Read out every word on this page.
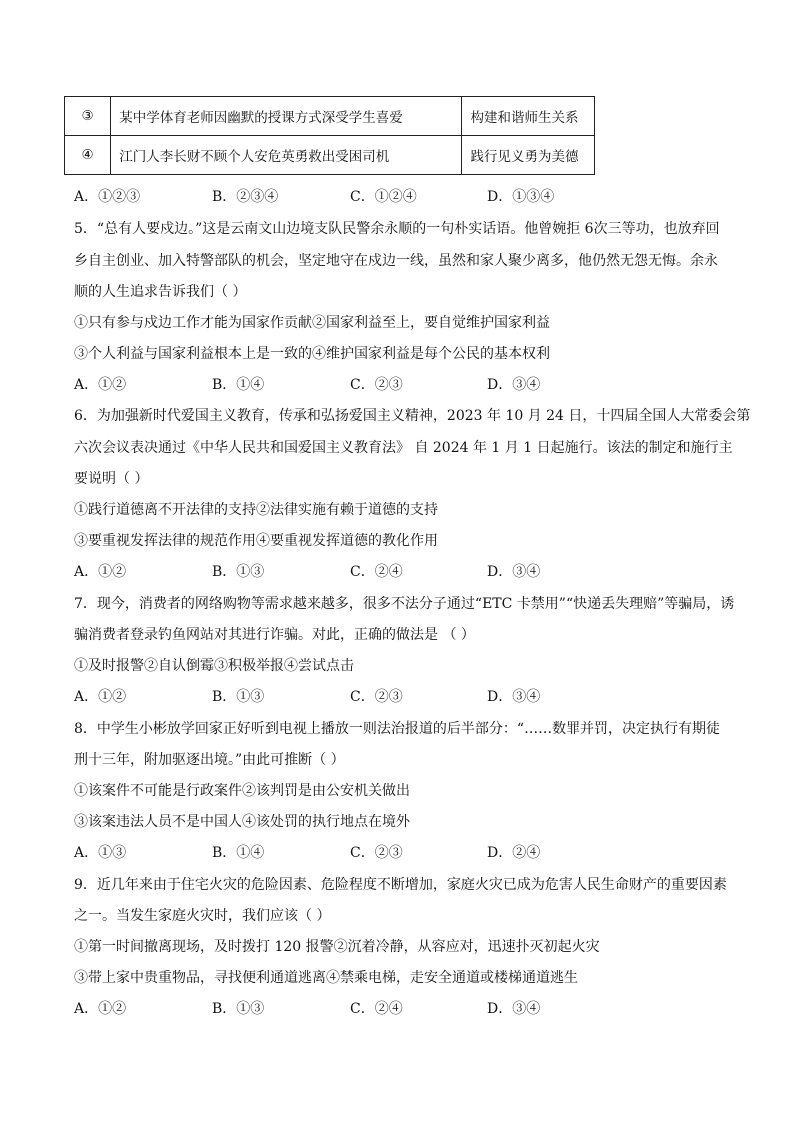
③	某中学体育老师因幽默的授课方式深受学生喜爱	构建和谐师生关系
④	江门人李长财不顾个人安危英勇救出受困司机	践行见义勇为美德
A．①②③	B．②③④	C．①②④	D．①③④
5．“总有人要戍边。”这是云南文山边境支队民警余永顺的一句朴实话语。他曾婉拒 6次三等功，也放弃回
乡自主创业、加入特警部队的机会，坚定地守在戍边一线，虽然和家人聚少离多，他仍然无怨无悔。余永
顺的人生追求告诉我们（ ）
①只有参与戍边工作才能为国家作贡献②国家利益至上，要自觉维护国家利益
③个人利益与国家利益根本上是一致的④维护国家利益是每个公民的基本权利
A．①②	B．①④	C．②③	D．③④
6．为加强新时代爱国主义教育，传承和弘扬爱国主义精神，2023 年 10 月 24 日，十四届全国人大常委会第
六次会议表决通过《中华人民共和国爱国主义教育法》 自 2024 年 1 月 1 日起施行。该法的制定和施行主
要说明（ ）
①践行道德离不开法律的支持②法律实施有赖于道德的支持
③要重视发挥法律的规范作用④要重视发挥道德的教化作用
A．①②	B．①③	C．②④	D．③④
7．现今，消费者的网络购物等需求越来越多，很多不法分子通过“ETC 卡禁用”“快递丢失理赔”等骗局，诱
骗消费者登录钓鱼网站对其进行诈骗。对此，正确的做法是 （ ）
①及时报警②自认倒霉③积极举报④尝试点击
A．①②	B．①③	C．②③	D．③④
8．中学生小彬放学回家正好听到电视上播放一则法治报道的后半部分：“……数罪并罚，决定执行有期徒
刑十三年，附加驱逐出境。”由此可推断（ ）
①该案件不可能是行政案件②该判罚是由公安机关做出
③该案违法人员不是中国人④该处罚的执行地点在境外
A．①③	B．①④	C．②③	D．②④
9．近几年来由于住宅火灾的危险因素、危险程度不断增加，家庭火灾已成为危害人民生命财产的重要因素
之一。当发生家庭火灾时，我们应该（ ）
①第一时间撤离现场，及时拨打 120 报警②沉着冷静，从容应对，迅速扑灭初起火灾
③带上家中贵重物品，寻找便利通道逃离④禁乘电梯，走安全通道或楼梯通道逃生
A．①②	B．①③	C．②④	D．③④
